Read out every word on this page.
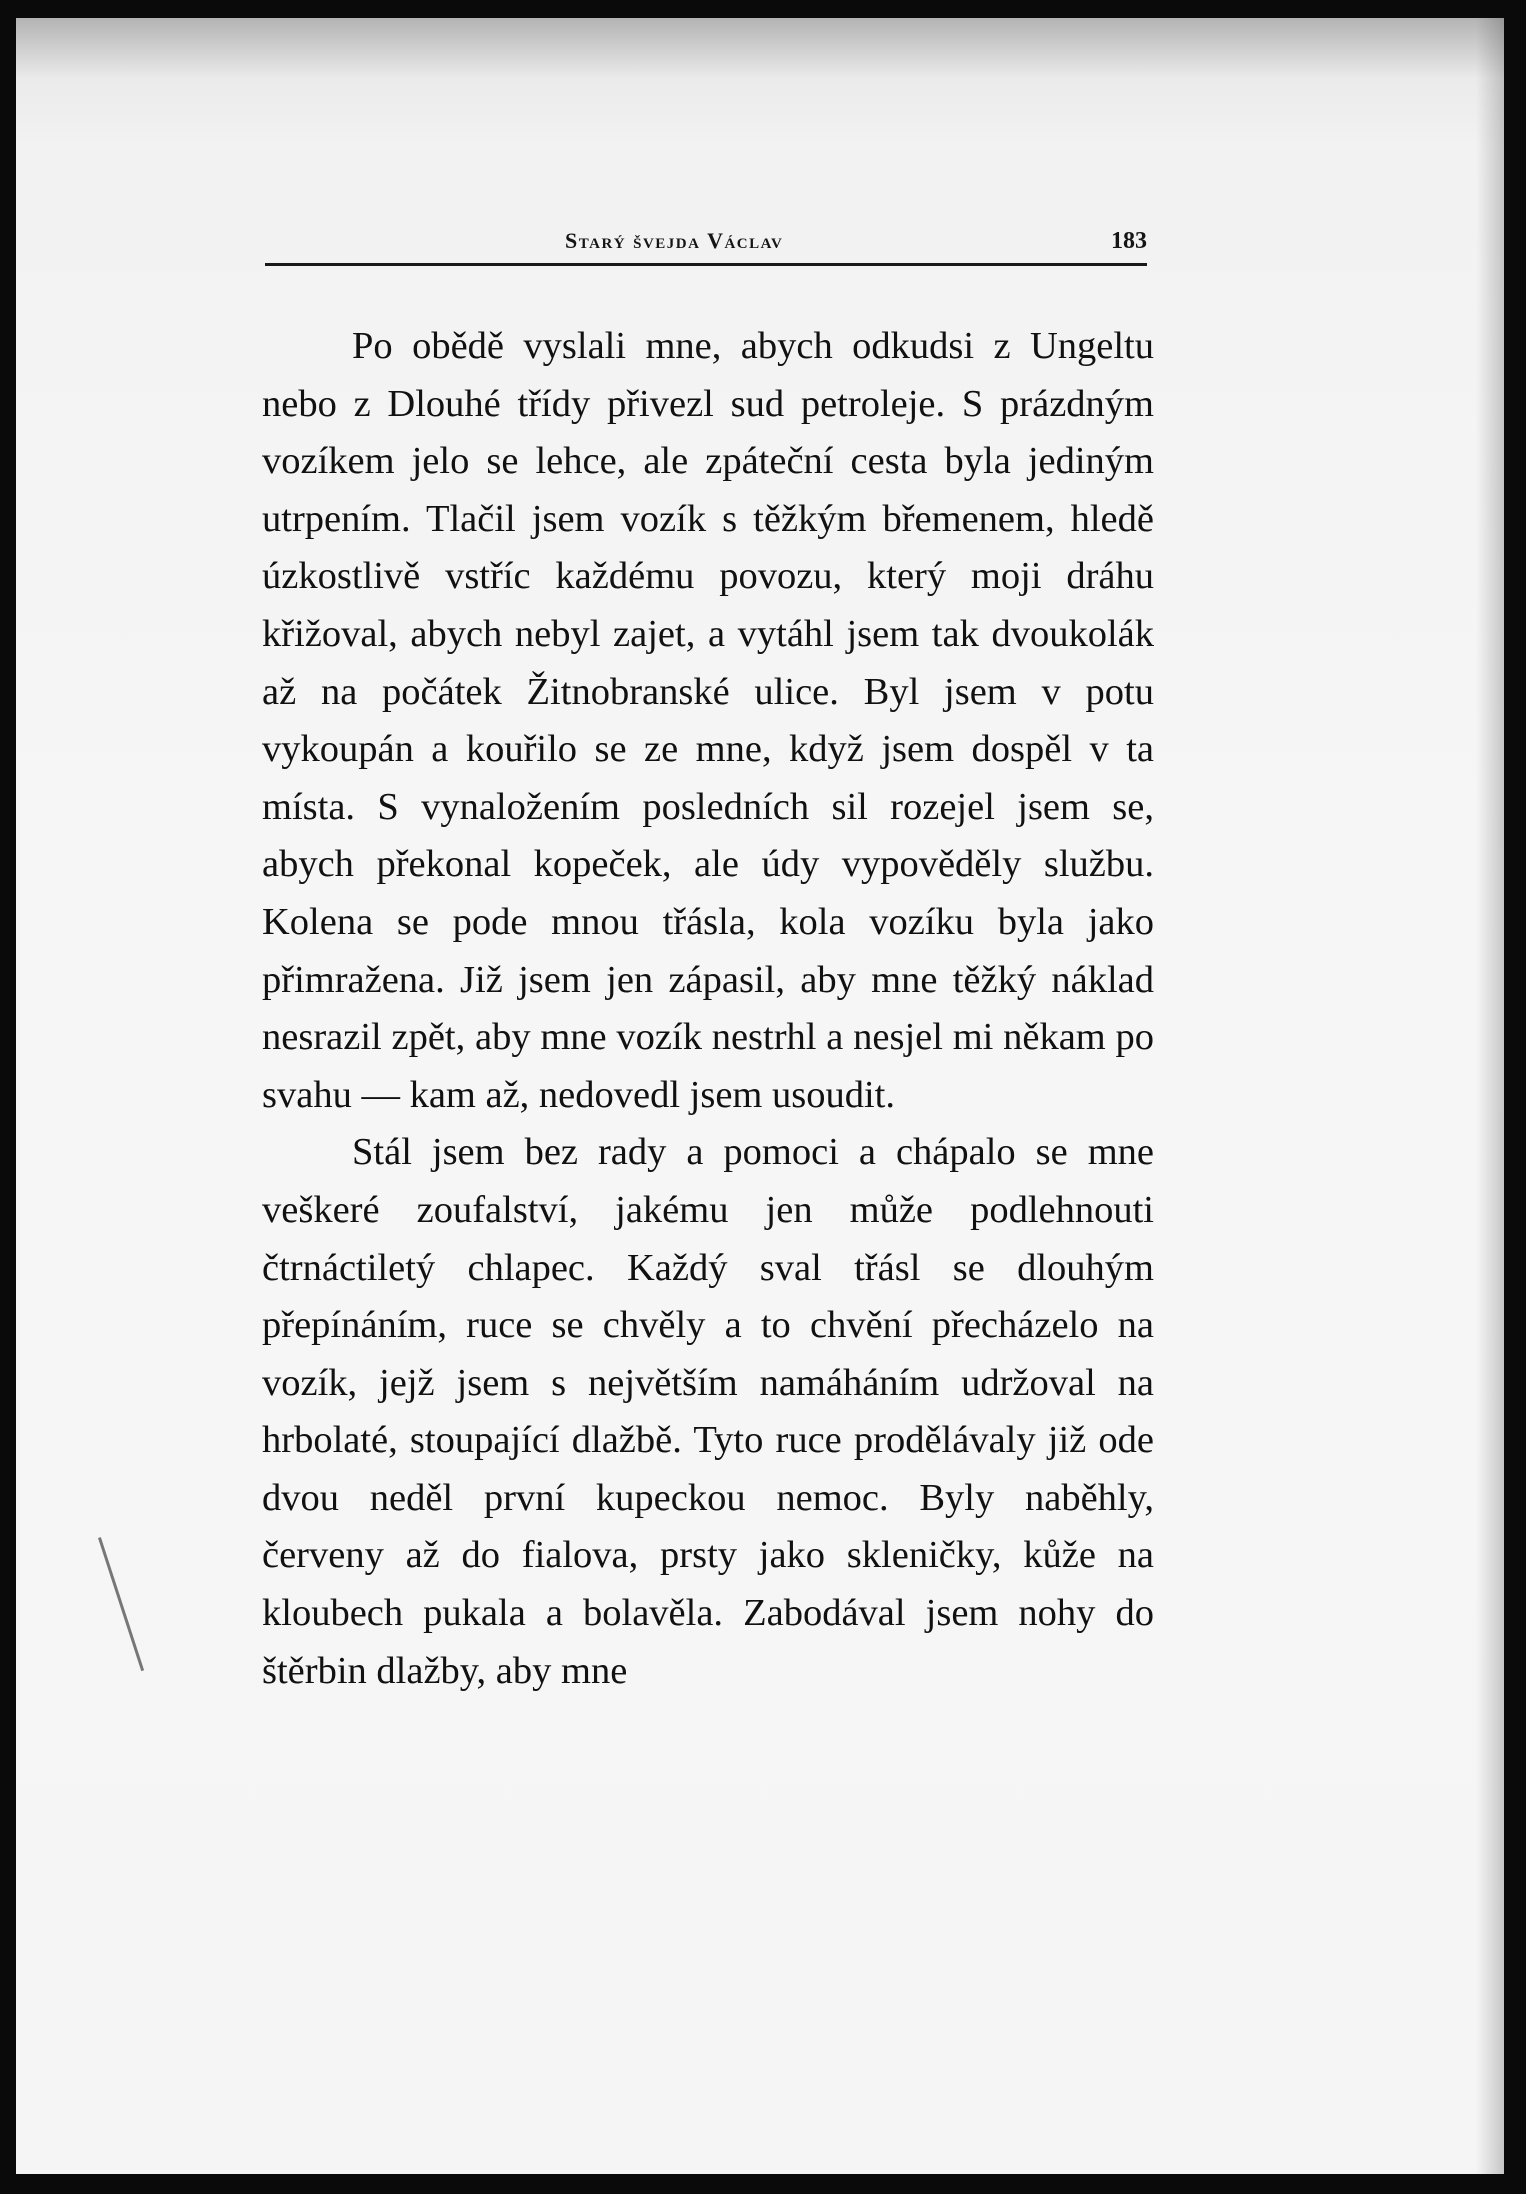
Starý švejda Václav	183

Po obědě vyslali mne, abych odkudsi z Ungeltu nebo z Dlouhé třídy přivezl sud petroleje. S prázdným vozíkem jelo se lehce, ale zpáteční cesta byla jediným utrpením. Tlačil jsem vozík s těžkým břemenem, hledě úzkostlivě vstříc každému povozu, který moji dráhu křižoval, abych nebyl zajet, a vytáhl jsem tak dvoukolák až na počátek Žitnobranské ulice. Byl jsem v potu vykoupán a kouřilo se ze mne, když jsem dospěl v ta místa. S vynaložením posledních sil rozejel jsem se, abych překonal kopeček, ale údy vypověděly službu. Kolena se pode mnou třásla, kola vozíku byla jako přimražena. Již jsem jen zápasil, aby mne těžký náklad nesrazil zpět, aby mne vozík nestrhl a nesjel mi někam po svahu — kam až, nedovedl jsem usoudit.

Stál jsem bez rady a pomoci a chápalo se mne veškeré zoufalství, jakému jen může podlehnouti čtrnáctiletý chlapec. Každý sval třásl se dlouhým přepínáním, ruce se chvěly a to chvění přecházelo na vozík, jejž jsem s největším namáháním udržoval na hrbolaté, stoupající dlažbě. Tyto ruce prodělávaly již ode dvou neděl první kupeckou nemoc. Byly naběhly, červeny až do fialova, prsty jako skleničky, kůže na kloubech pukala a bolavěla. Zabodával jsem nohy do štěrbin dlažby, aby mne
